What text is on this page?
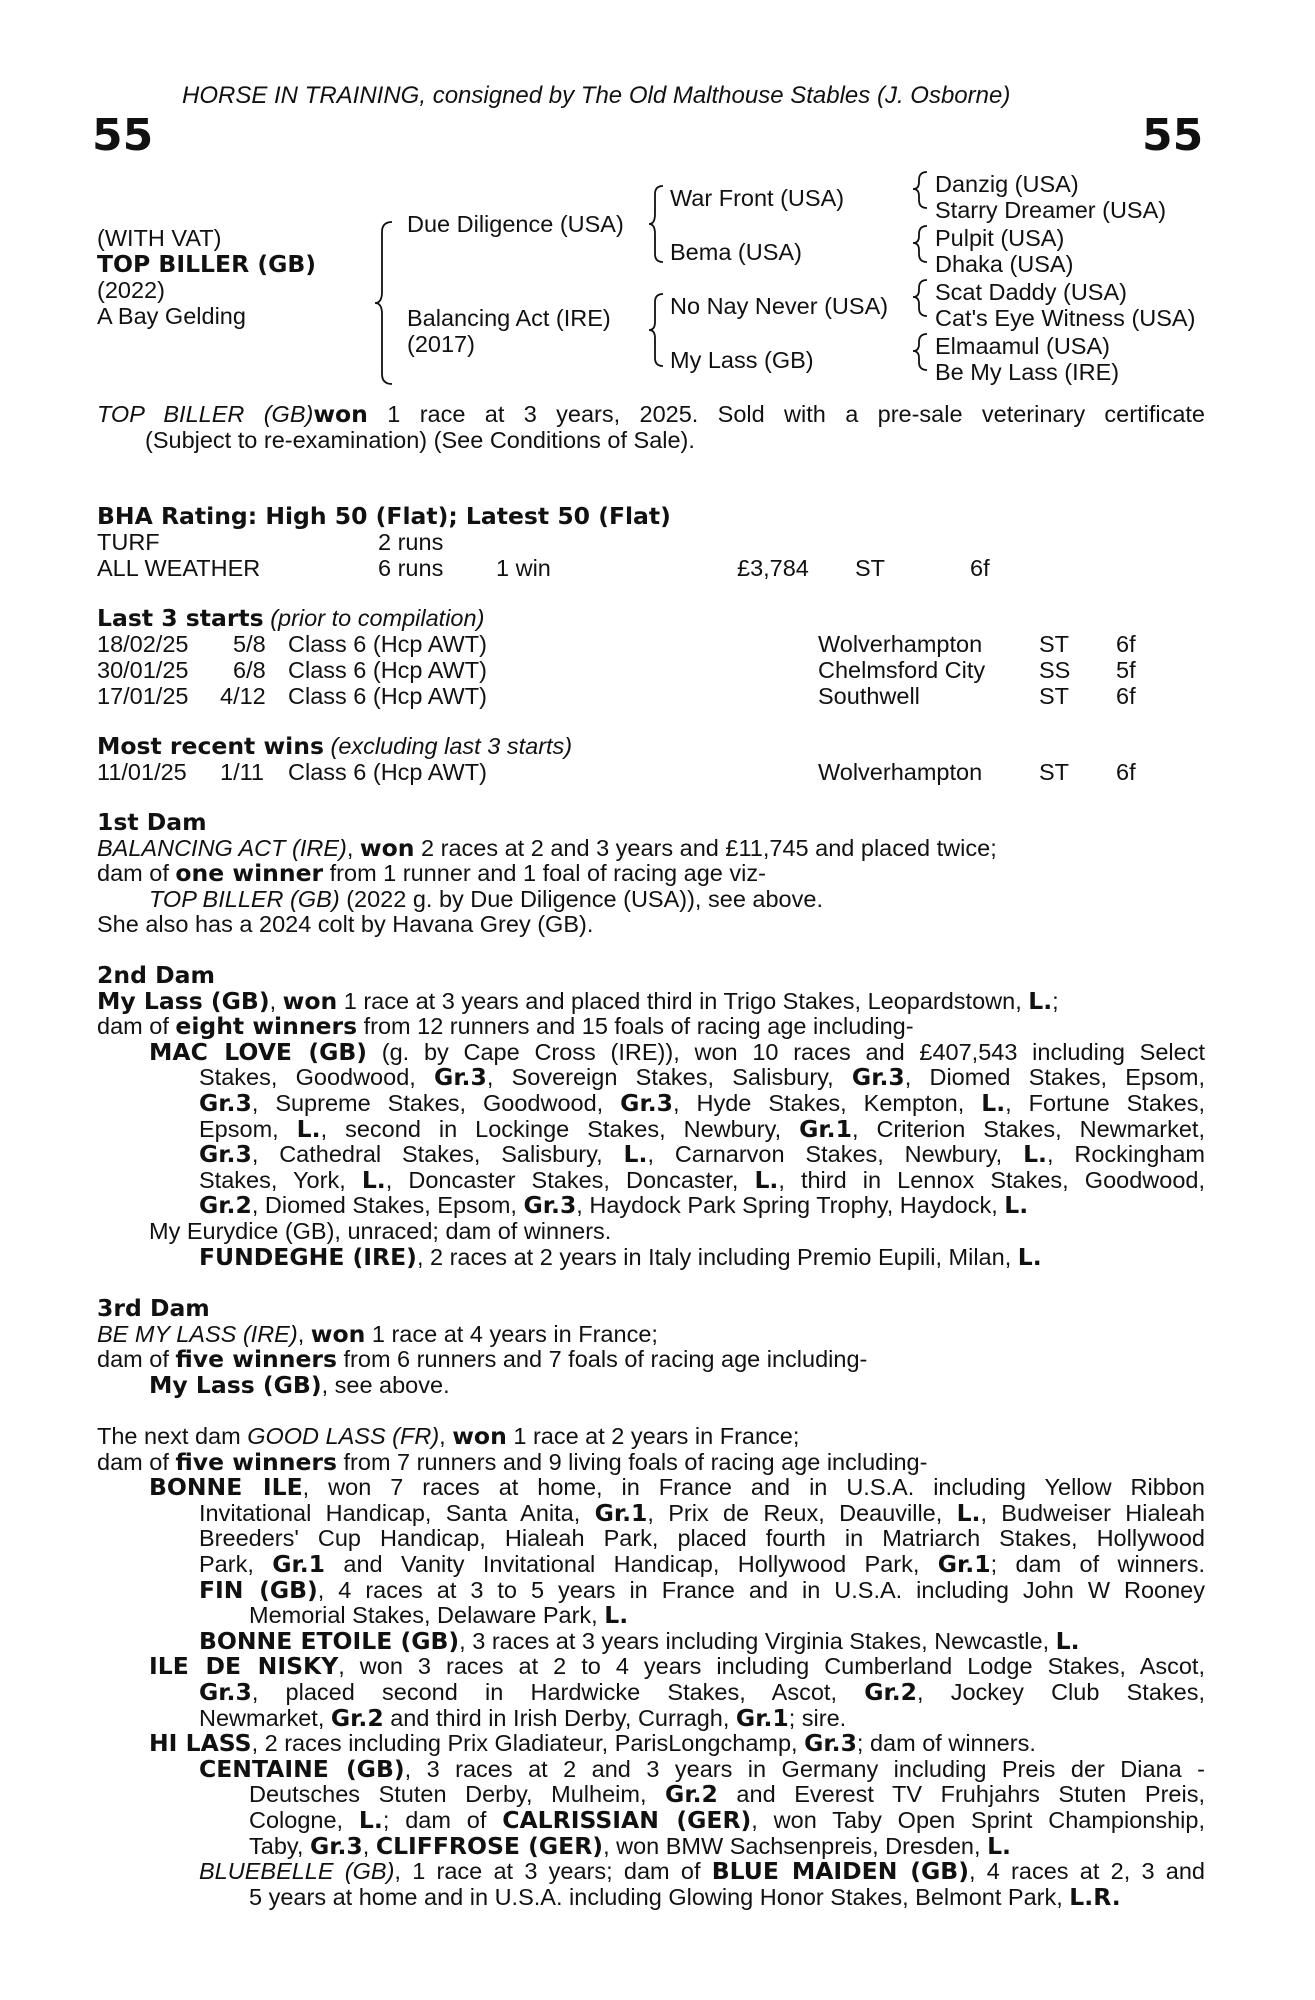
HORSE IN TRAINING, consigned by The Old Malthouse Stables (J. Osborne)
55	55
(WITH VAT)
TOP BILLER (GB)
(2022)
A Bay Gelding
Due Diligence (USA)
Balancing Act (IRE)
(2017)
War Front (USA)
Bema (USA)
No Nay Never (USA)
My Lass (GB)
Danzig (USA)
Starry Dreamer (USA)
Pulpit (USA)
Dhaka (USA)
Scat Daddy (USA)
Cat's Eye Witness (USA)
Elmaamul (USA)
Be My Lass (IRE)
TOP BILLER (GB)won 1 race at 3 years, 2025. Sold with a pre-sale veterinary certificate
(Subject to re-examination) (See Conditions of Sale).
BHA Rating: High 50 (Flat); Latest 50 (Flat)
TURF	2 runs
ALL WEATHER	6 runs 1 win	£3,784 ST	6f
Last 3 starts (prior to compilation)
18/02/25 5/8 Class 6 (Hcp AWT)	Wolverhampton ST 6f
30/01/25 6/8 Class 6 (Hcp AWT)	Chelmsford City SS 5f
17/01/25 4/12 Class 6 (Hcp AWT)	Southwell	ST 6f
Most recent wins (excluding last 3 starts)
11/01/25 1/11 Class 6 (Hcp AWT)	Wolverhampton ST 6f
1st Dam
BALANCING ACT (IRE), won 2 races at 2 and 3 years and £11,745 and placed twice;
dam of one winner from 1 runner and 1 foal of racing age viz-
TOP BILLER (GB) (2022 g. by Due Diligence (USA)), see above.
She also has a 2024 colt by Havana Grey (GB).
2nd Dam
My Lass (GB), won 1 race at 3 years and placed third in Trigo Stakes, Leopardstown, L.;
dam of eight winners from 12 runners and 15 foals of racing age including-
MAC LOVE (GB) (g. by Cape Cross (IRE)), won 10 races and £407,543 including Select
Stakes, Goodwood, Gr.3, Sovereign Stakes, Salisbury, Gr.3, Diomed Stakes, Epsom,
Gr.3, Supreme Stakes, Goodwood, Gr.3, Hyde Stakes, Kempton, L., Fortune Stakes,
Epsom, L., second in Lockinge Stakes, Newbury, Gr.1, Criterion Stakes, Newmarket,
Gr.3, Cathedral Stakes, Salisbury, L., Carnarvon Stakes, Newbury, L., Rockingham
Stakes, York, L., Doncaster Stakes, Doncaster, L., third in Lennox Stakes, Goodwood,
Gr.2, Diomed Stakes, Epsom, Gr.3, Haydock Park Spring Trophy, Haydock, L.
My Eurydice (GB), unraced; dam of winners.
FUNDEGHE (IRE), 2 races at 2 years in Italy including Premio Eupili, Milan, L.
3rd Dam
BE MY LASS (IRE), won 1 race at 4 years in France;
dam of five winners from 6 runners and 7 foals of racing age including-
My Lass (GB), see above.
The next dam GOOD LASS (FR), won 1 race at 2 years in France;
dam of five winners from 7 runners and 9 living foals of racing age including-
BONNE ILE, won 7 races at home, in France and in U.S.A. including Yellow Ribbon
Invitational Handicap, Santa Anita, Gr.1, Prix de Reux, Deauville, L., Budweiser Hialeah
Breeders' Cup Handicap, Hialeah Park, placed fourth in Matriarch Stakes, Hollywood
Park, Gr.1 and Vanity Invitational Handicap, Hollywood Park, Gr.1; dam of winners.
FIN (GB), 4 races at 3 to 5 years in France and in U.S.A. including John W Rooney
Memorial Stakes, Delaware Park, L.
BONNE ETOILE (GB), 3 races at 3 years including Virginia Stakes, Newcastle, L.
ILE DE NISKY, won 3 races at 2 to 4 years including Cumberland Lodge Stakes, Ascot,
Gr.3, placed second in Hardwicke Stakes, Ascot, Gr.2, Jockey Club Stakes,
Newmarket, Gr.2 and third in Irish Derby, Curragh, Gr.1; sire.
HI LASS, 2 races including Prix Gladiateur, ParisLongchamp, Gr.3; dam of winners.
CENTAINE (GB), 3 races at 2 and 3 years in Germany including Preis der Diana -
Deutsches Stuten Derby, Mulheim, Gr.2 and Everest TV Fruhjahrs Stuten Preis,
Cologne, L.; dam of CALRISSIAN (GER), won Taby Open Sprint Championship,
Taby, Gr.3, CLIFFROSE (GER), won BMW Sachsenpreis, Dresden, L.
BLUEBELLE (GB), 1 race at 3 years; dam of BLUE MAIDEN (GB), 4 races at 2, 3 and
5 years at home and in U.S.A. including Glowing Honor Stakes, Belmont Park, L.R.
